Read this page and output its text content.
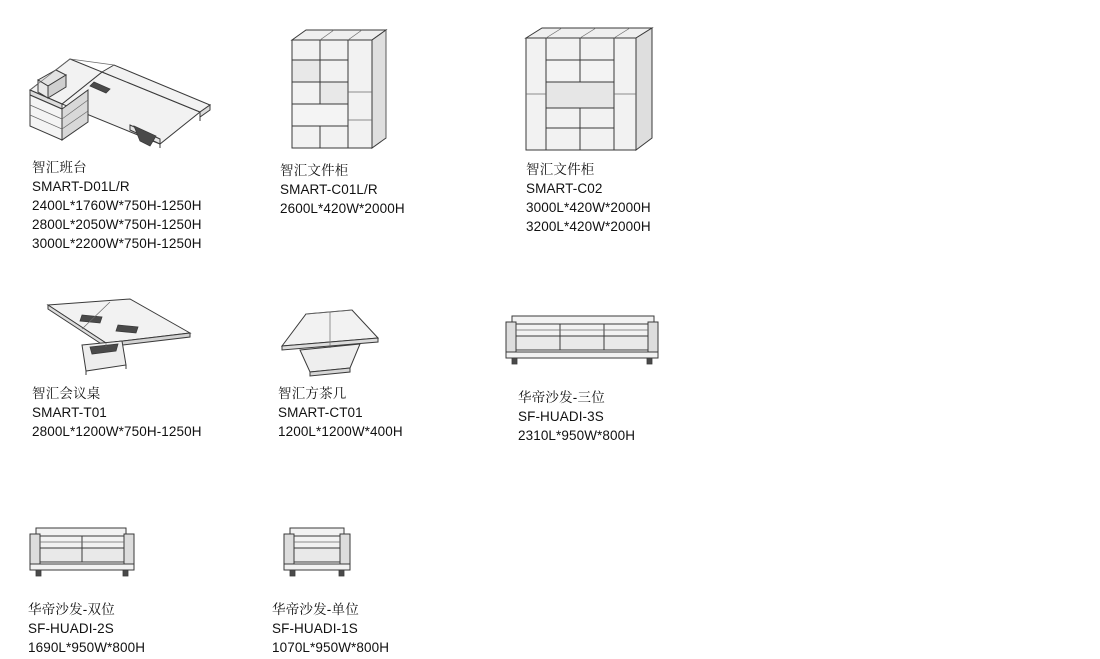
智汇班台
SMART-D01L/R
2400L*1760W*750H-1250H
2800L*2050W*750H-1250H
3000L*2200W*750H-1250H
智汇文件柜
SMART-C01L/R
2600L*420W*2000H
智汇文件柜
SMART-C02
3000L*420W*2000H
3200L*420W*2000H
智汇会议桌
SMART-T01
2800L*1200W*750H-1250H
智汇方茶几
SMART-CT01
1200L*1200W*400H
华帝沙发-三位
SF-HUADI-3S
2310L*950W*800H
华帝沙发-双位
SF-HUADI-2S
1690L*950W*800H
华帝沙发-单位
SF-HUADI-1S
1070L*950W*800H
